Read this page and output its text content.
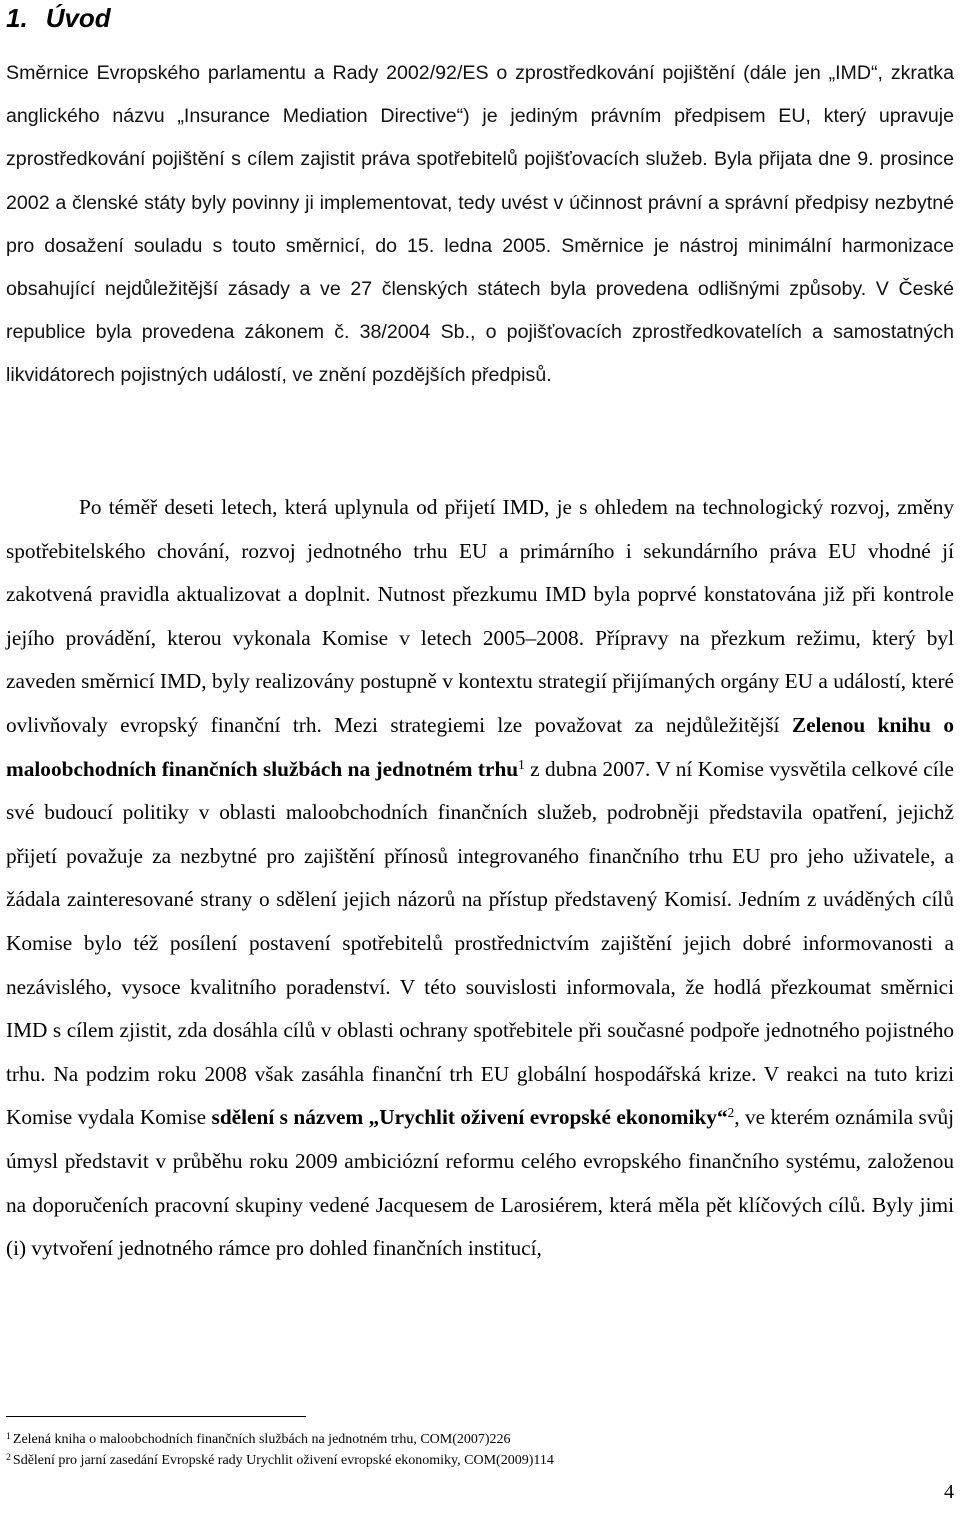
1. Úvod

Směrnice Evropského parlamentu a Rady 2002/92/ES o zprostředkování pojištění (dále jen „IMD“, zkratka anglického názvu „Insurance Mediation Directive“) je jediným právním předpisem EU, který upravuje zprostředkování pojištění s cílem zajistit práva spotřebitelů pojišťovacích služeb. Byla přijata dne 9. prosince 2002 a členské státy byly povinny ji implementovat, tedy uvést v účinnost právní a správní předpisy nezbytné pro dosažení souladu s touto směrnicí, do 15. ledna 2005. Směrnice je nástroj minimální harmonizace obsahující nejdůležitější zásady a ve 27 členských státech byla provedena odlišnými způsoby. V České republice byla provedena zákonem č. 38/2004 Sb., o pojišťovacích zprostředkovatelích a samostatných likvidátorech pojistných událostí, ve znění pozdějších předpisů.

Po téměř deseti letech, která uplynula od přijetí IMD, je s ohledem na technologický rozvoj, změny spotřebitelského chování, rozvoj jednotného trhu EU a primárního i sekundárního práva EU vhodné jí zakotvená pravidla aktualizovat a doplnit. Nutnost přezkumu IMD byla poprvé konstatována již při kontrole jejího provádění, kterou vykonala Komise v letech 2005–2008. Přípravy na přezkum režimu, který byl zaveden směrnicí IMD, byly realizovány postupně v kontextu strategií přijímaných orgány EU a událostí, které ovlivňovaly evropský finanční trh. Mezi strategiemi lze považovat za nejdůležitější Zelenou knihu o maloobchodních finančních službách na jednotném trhu$^1$ z dubna 2007. V ní Komise vysvětila celkové cíle své budoucí politiky v oblasti maloobchodních finančních služeb, podrobněji představila opatření, jejichž přijetí považuje za nezbytné pro zajištění přínosů integrovaného finančního trhu EU pro jeho uživatele, a žádala zainteresované strany o sdělení jejich názorů na přístup představený Komisí. Jedním z uváděných cílů Komise bylo též posílení postavení spotřebitelů prostřednictvím zajištění jejich dobré informovanosti a nezávislého, vysoce kvalitního poradenství. V této souvislosti informovala, že hodlá přezkoumat směrnici IMD s cílem zjistit, zda dosáhla cílů v oblasti ochrany spotřebitele při současné podpoře jednotného pojistného trhu. Na podzim roku 2008 však zasáhla finanční trh EU globální hospodářská krize. V reakci na tuto krizi Komise vydala Komise sdělení s názvem „Urychlit oživení evropské ekonomiky“$^2$, ve kterém oznámila svůj úmysl představit v průběhu roku 2009 ambiciózní reformu celého evropského finančního systému, založenou na doporučeních pracovní skupiny vedené Jacquesem de Larosiérem, která měla pět klíčových cílů. Byly jimi (i) vytvoření jednotného rámce pro dohled finančních institucí,

$^1$ Zelená kniha o maloobchodních finančních službách na jednotném trhu, COM(2007)226

$^2$ Sdělení pro jarní zasedání Evropské rady Urychlit oživení evropské ekonomiky, COM(2009)114

4
